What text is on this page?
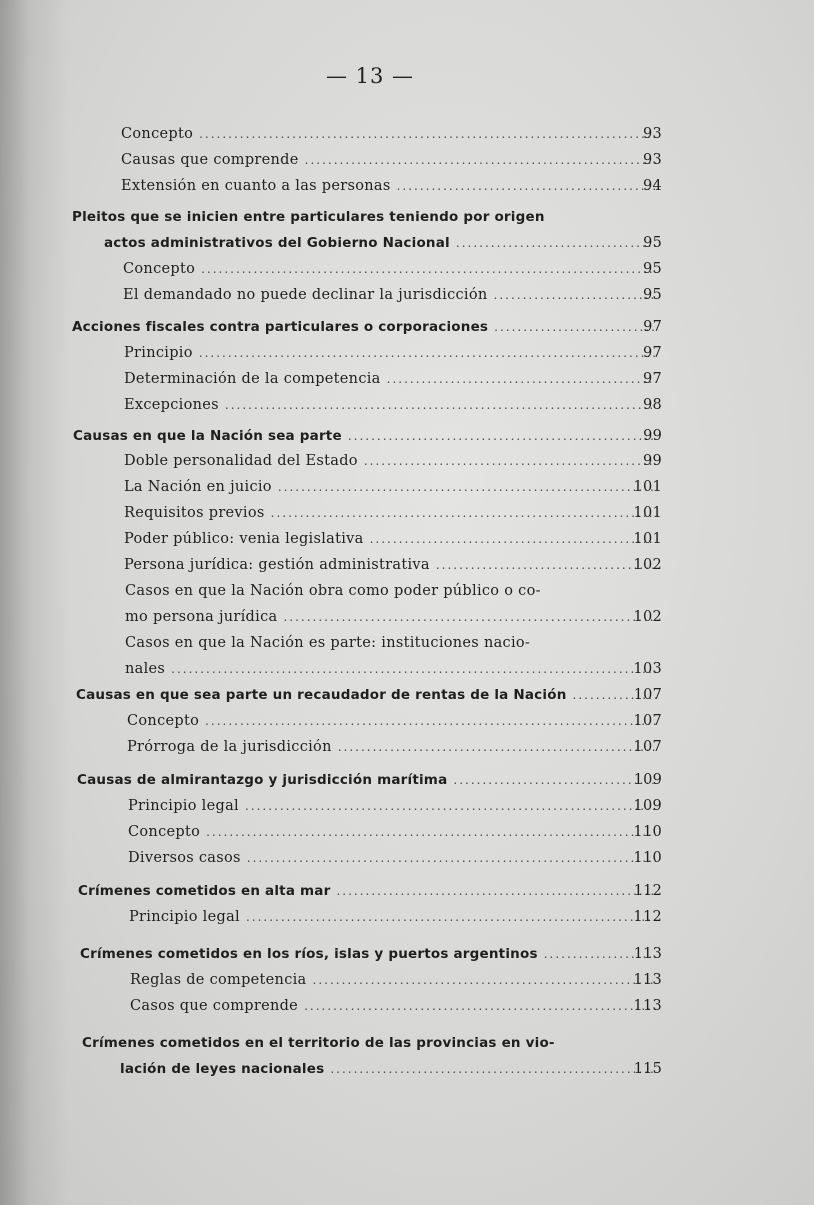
— 13 —
Concepto .....	93
Causas que comprende .....	93
Extensión en cuanto a las personas .....	94
Pleitos que se inicien entre particulares teniendo por origen
actos administrativos del Gobierno Nacional .....	95
Concepto .....	95
El demandado no puede declinar la jurisdicción .....	95
Acciones fiscales contra particulares o corporaciones .....	97
Principio .....	97
Determinación de la competencia .....	97
Excepciones .....	98
Causas en que la Nación sea parte .....	99
Doble personalidad del Estado .....	99
La Nación en juicio .....	101
Requisitos previos .....	101
Poder público: venia legislativa .....	101
Persona jurídica: gestión administrativa .....	102
Casos en que la Nación obra como poder público o co-
mo persona jurídica .....	102
Casos en que la Nación es parte: instituciones nacio-
nales .....	103
Causas en que sea parte un recaudador de rentas de la Nación .....	107
Concepto .....	107
Prórroga de la jurisdicción .....	107
Causas de almirantazgo y jurisdicción marítima .....	109
Principio legal .....	109
Concepto .....	110
Diversos casos .....	110
Crímenes cometidos en alta mar .....	112
Principio legal .....	112
Crímenes cometidos en los ríos, islas y puertos argentinos .....	113
Reglas de competencia .....	113
Casos que comprende .....	113
Crímenes cometidos en el territorio de las provincias en vio-
lación de leyes nacionales .....	115
